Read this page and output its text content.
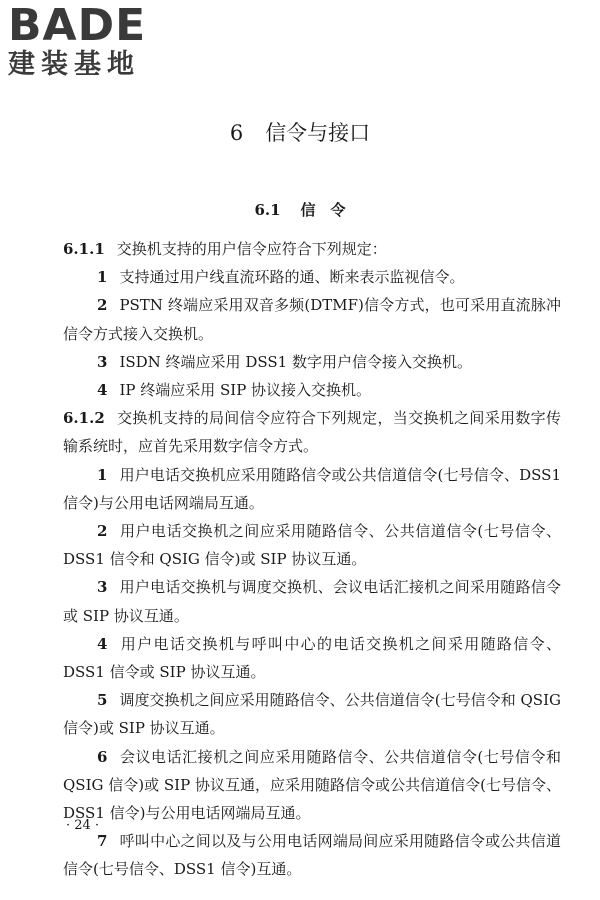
BADE
建装基地
6 信令与接口
6.1 信　令

6.1.1 交换机支持的用户信令应符合下列规定：

1 支持通过用户线直流环路的通、断来表示监视信令。

2 PSTN 终端应采用双音多频(DTMF)信令方式，也可采用直流脉冲信令方式接入交换机。

3 ISDN 终端应采用 DSS1 数字用户信令接入交换机。

4 IP 终端应采用 SIP 协议接入交换机。

6.1.2 交换机支持的局间信令应符合下列规定，当交换机之间采用数字传输系统时，应首先采用数字信令方式。

1 用户电话交换机应采用随路信令或公共信道信令(七号信令、DSS1 信令)与公用电话网端局互通。

2 用户电话交换机之间应采用随路信令、公共信道信令(七号信令、DSS1 信令和 QSIG 信令)或 SIP 协议互通。

3 用户电话交换机与调度交换机、会议电话汇接机之间采用随路信令或 SIP 协议互通。

4 用户电话交换机与呼叫中心的电话交换机之间采用随路信令、DSS1 信令或 SIP 协议互通。

5 调度交换机之间应采用随路信令、公共信道信令(七号信令和 QSIG 信令)或 SIP 协议互通。

6 会议电话汇接机之间应采用随路信令、公共信道信令(七号信令和 QSIG 信令)或 SIP 协议互通，应采用随路信令或公共信道信令(七号信令、DSS1 信令)与公用电话网端局互通。

7 呼叫中心之间以及与公用电话网端局间应采用随路信令或公共信道信令(七号信令、DSS1 信令)互通。

· 24 ·
